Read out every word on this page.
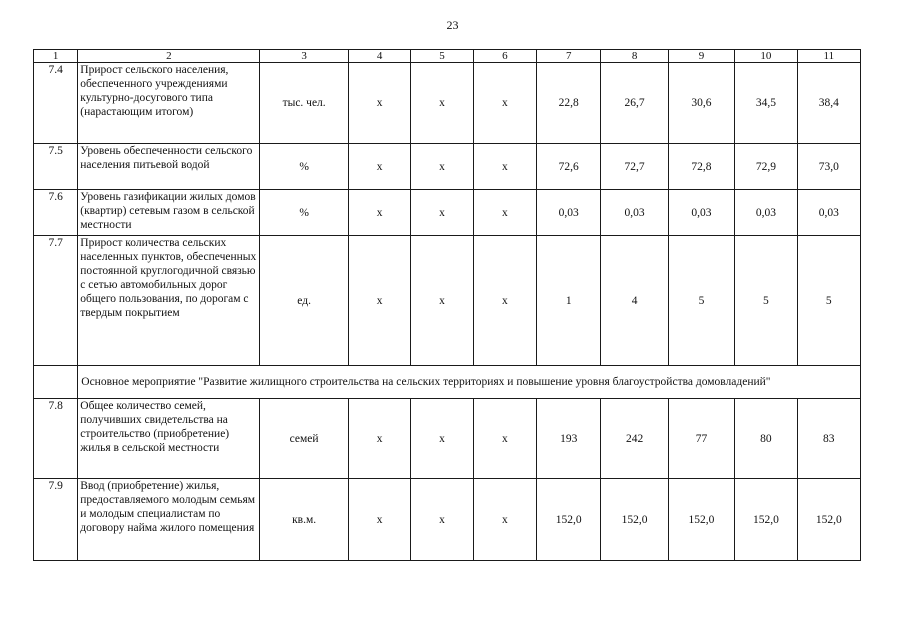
23
1	2	3	4	5	6	7	8	9	10	11
7.4	Прирост сельского населения, обеспеченного учреждениями культурно-досугового типа (нарастающим итогом)	тыс. чел.	х	х	х	22,8	26,7	30,6	34,5	38,4
7.5	Уровень обеспеченности сельского населения питьевой водой	%	х	х	х	72,6	72,7	72,8	72,9	73,0
7.6	Уровень газификации жилых домов (квартир) сетевым газом в сельской местности	%	х	х	х	0,03	0,03	0,03	0,03	0,03
7.7	Прирост количества сельских населенных пунктов, обеспеченных постоянной круглогодичной связью с сетью автомобильных дорог общего пользования, по дорогам с твердым покрытием	ед.	х	х	х	1	4	5	5	5
	Основное мероприятие "Развитие жилищного строительства на сельских территориях и повышение уровня благоустройства домовладений"									
7.8	Общее количество семей, получивших свидетельства на строительство (приобретение) жилья в сельской местности	семей	х	х	х	193	242	77	80	83
7.9	Ввод (приобретение) жилья, предоставляемого молодым семьям и молодым специалистам по договору найма жилого помещения	кв.м.	х	х	х	152,0	152,0	152,0	152,0	152,0
